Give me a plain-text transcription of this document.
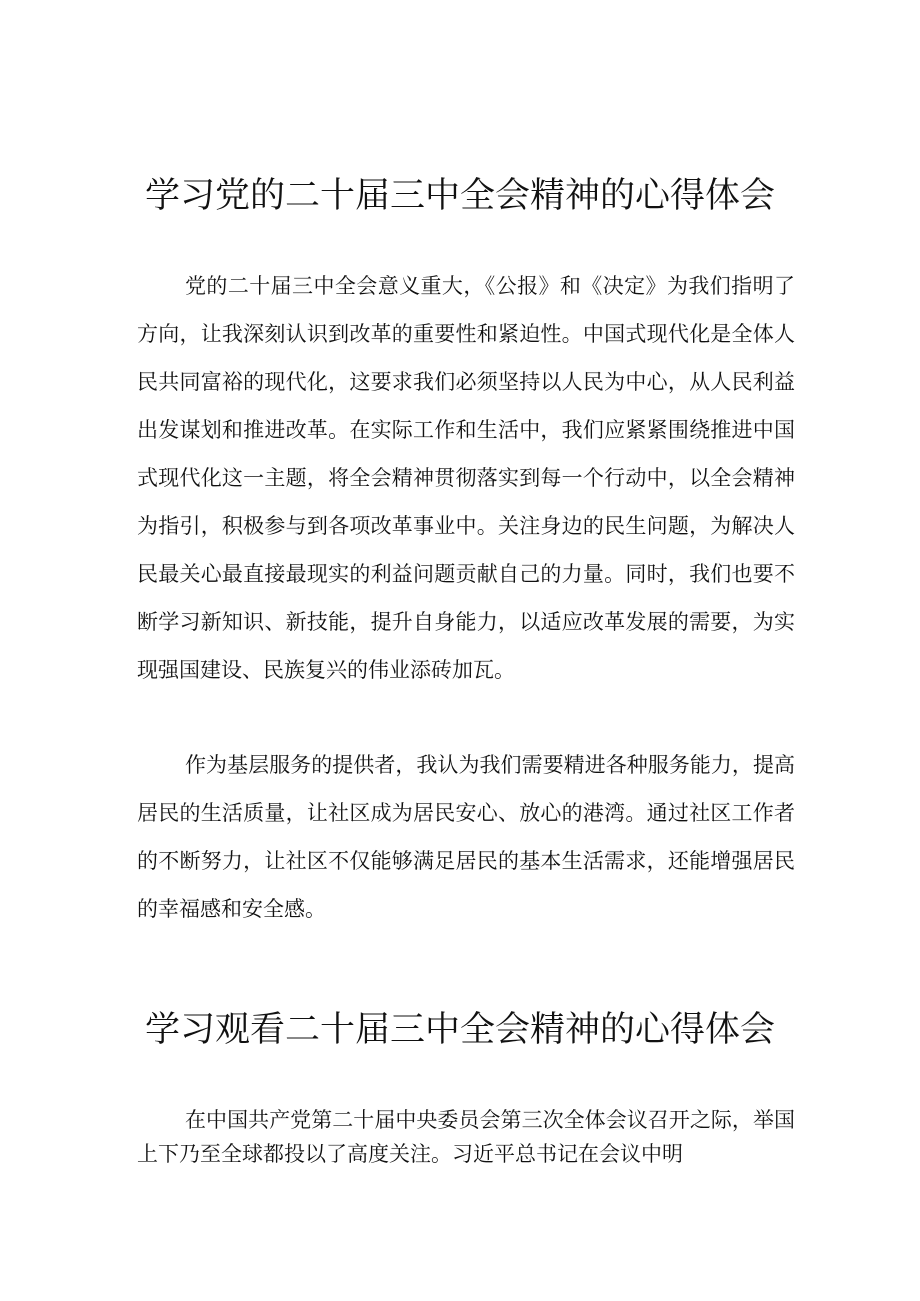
学习党的二十届三中全会精神的心得体会

党的二十届三中全会意义重大，《公报》和《决定》为我们指明了方向，让我深刻认识到改革的重要性和紧迫性。中国式现代化是全体人民共同富裕的现代化，这要求我们必须坚持以人民为中心，从人民利益出发谋划和推进改革。在实际工作和生活中，我们应紧紧围绕推进中国式现代化这一主题，将全会精神贯彻落实到每一个行动中，以全会精神为指引，积极参与到各项改革事业中。关注身边的民生问题，为解决人民最关心最直接最现实的利益问题贡献自己的力量。同时，我们也要不断学习新知识、新技能，提升自身能力，以适应改革发展的需要，为实现强国建设、民族复兴的伟业添砖加瓦。

作为基层服务的提供者，我认为我们需要精进各种服务能力，提高居民的生活质量，让社区成为居民安心、放心的港湾。通过社区工作者的不断努力，让社区不仅能够满足居民的基本生活需求，还能增强居民的幸福感和安全感。

学习观看二十届三中全会精神的心得体会

在中国共产党第二十届中央委员会第三次全体会议召开之际，举国上下乃至全球都投以了高度关注。习近平总书记在会议中明
